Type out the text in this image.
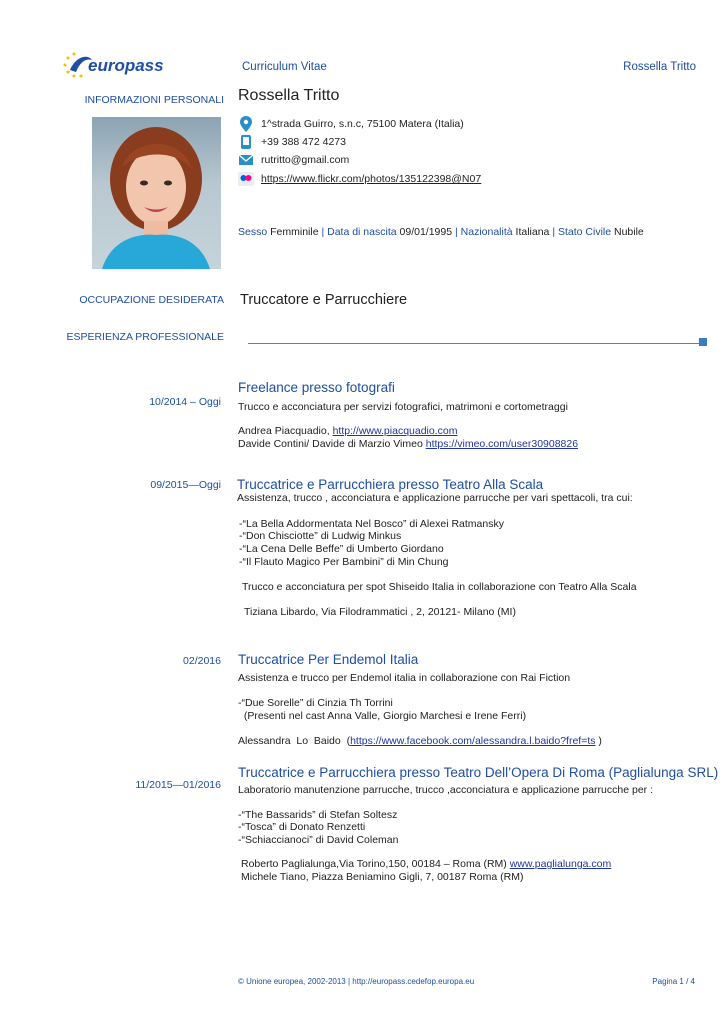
europass	Curriculum Vitae	Rossella Tritto
INFORMAZIONI PERSONALI Rossella Tritto
1^strada Guirro, s.n.c, 75100 Matera (Italia)
+39 388 472 4273
rutritto@gmail.com
https://www.flickr.com/photos/135122398@N07
Sesso Femminile | Data di nascita 09/01/1995 | Nazionalità Italiana | Stato Civile Nubile
OCCUPAZIONE DESIDERATA Truccatore e Parrucchiere
ESPERIENZA PROFESSIONALE
10/2014 – Oggi
Freelance presso fotografi
Trucco e acconciatura per servizi fotografici, matrimoni e cortometraggi
Andrea Piacquadio, http://www.piacquadio.com
Davide Contini/ Davide di Marzio Vimeo https://vimeo.com/user30908826
09/2015—Oggi Truccatrice e Parrucchiera presso Teatro Alla Scala
Assistenza, trucco , acconciatura e applicazione parrucche per vari spettacoli, tra cui:
-“La Bella Addormentata Nel Bosco” di Alexei Ratmansky
-“Don Chisciotte” di Ludwig Minkus
-“La Cena Delle Beffe” di Umberto Giordano
-“Il Flauto Magico Per Bambini” di Min Chung
Trucco e acconciatura per spot Shiseido Italia in collaborazione con Teatro Alla Scala
Tiziana Libardo, Via Filodrammatici , 2, 20121- Milano (MI)
02/2016 Truccatrice Per Endemol Italia
Assistenza e trucco per Endemol italia in collaborazione con Rai Fiction
-“Due Sorelle” di Cinzia Th Torrini
(Presenti nel cast Anna Valle, Giorgio Marchesi e Irene Ferri)
Alessandra  Lo  Baido  (https://www.facebook.com/alessandra.l.baido?fref=ts )
11/2015—01/2016
Truccatrice e Parrucchiera presso Teatro Dell’Opera Di Roma (Paglialunga SRL)
Laboratorio manutenzione parrucche, trucco ,acconciatura e applicazione parrucche per :
-“The Bassarids” di Stefan Soltesz
-“Tosca” di Donato Renzetti
-“Schiaccianoci” di David Coleman
Roberto Paglialunga,Via Torino,150, 00184 – Roma (RM) www.paglialunga.com
Michele Tiano, Piazza Beniamino Gigli, 7, 00187 Roma (RM)
© Unione europea, 2002-2013 | http://europass.cedefop.europa.eu	Pagina 1 / 4
